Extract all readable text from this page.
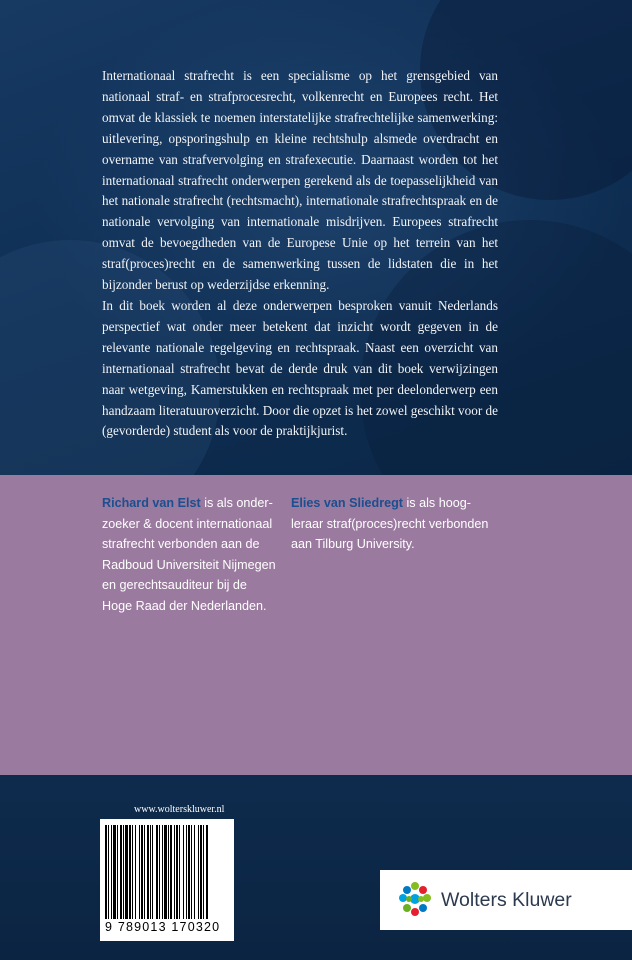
Internationaal strafrecht is een specialisme op het grensgebied van nationaal straf- en strafprocesrecht, volkenrecht en Europees recht. Het omvat de klassiek te noemen interstatelijke strafrechtelijke samenwerking: uitlevering, opsporingshulp en kleine rechtshulp alsmede overdracht en overname van strafvervolging en strafexecutie. Daarnaast worden tot het internationaal strafrecht onderwerpen gerekend als de toepasselijkheid van het nationale strafrecht (rechtsmacht), internationale strafrechtspraak en de nationale vervolging van internationale misdrijven. Europees strafrecht omvat de bevoegdheden van de Europese Unie op het terrein van het straf(proces)recht en de samenwerking tussen de lidstaten die in het bijzonder berust op wederzijdse erkenning.

In dit boek worden al deze onderwerpen besproken vanuit Nederlands perspectief wat onder meer betekent dat inzicht wordt gegeven in de relevante nationale regelgeving en rechtspraak. Naast een overzicht van internationaal strafrecht bevat de derde druk van dit boek verwijzingen naar wetgeving, Kamerstukken en rechtspraak met per deelonderwerp een handzaam literatuuroverzicht. Door die opzet is het zowel geschikt voor de (gevorderde) student als voor de praktijkjurist.

Richard van Elst is als onder-
zoeker & docent internationaal
strafrecht verbonden aan de
Radboud Universiteit Nijmegen
en gerechtsauditeur bij de
Hoge Raad der Nederlanden.
Elies van Sliedregt is als hoog-
leraar straf(proces)recht verbonden
aan Tilburg University.
www.wolterskluwer.nl
9 789013 170320
Wolters Kluwer
